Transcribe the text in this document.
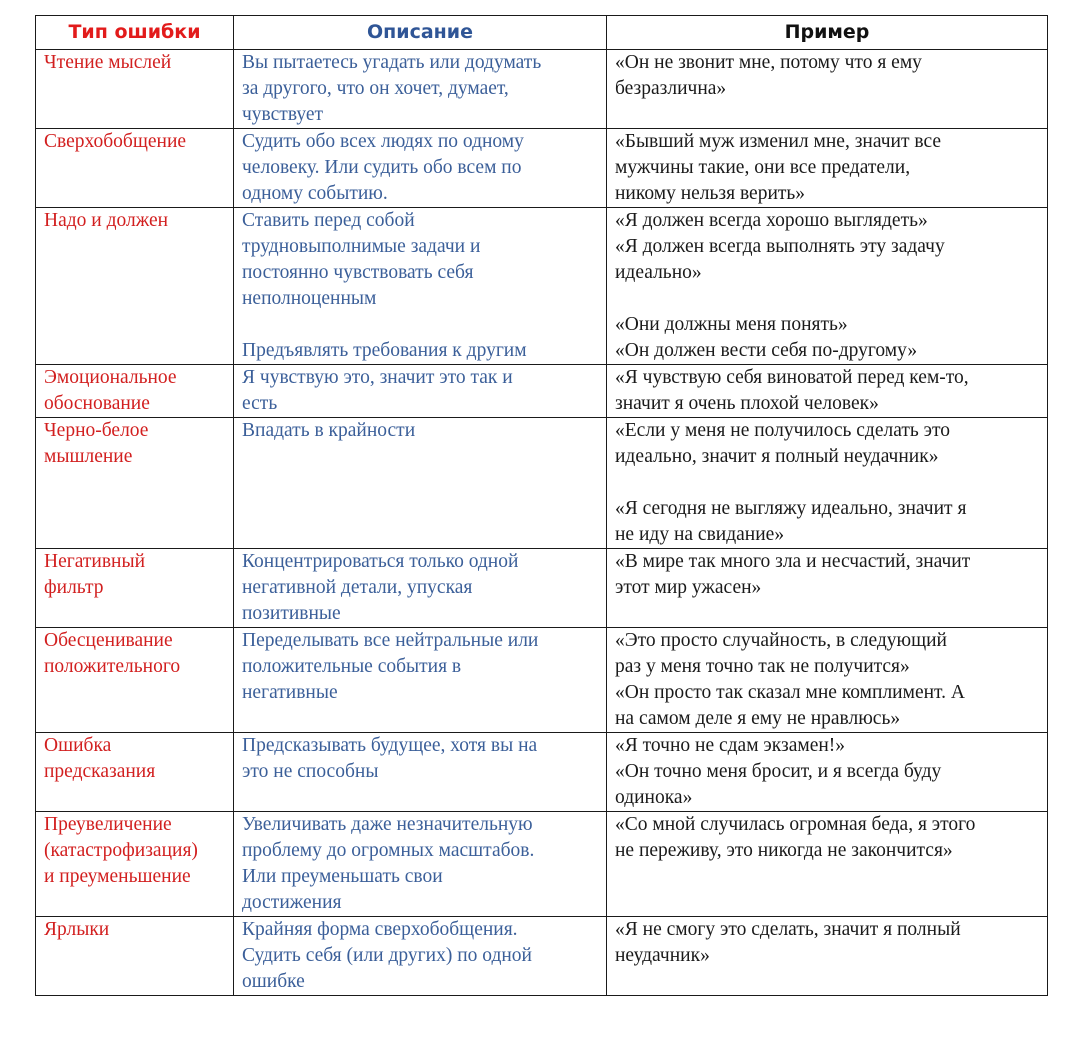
Тип ошибки	Описание	Пример

Чтение мыслей	Вы пытаетесь угадать или додумать
за другого, что он хочет, думает,
чувствует	«Он не звонит мне, потому что я ему
безразлична»

Сверхобобщение	Судить обо всех людях по одному
человеку. Или судить обо всем по
одному событию.	«Бывший муж изменил мне, значит все
мужчины такие, они все предатели,
никому нельзя верить»

Надо и должен	Ставить перед собой
трудновыполнимые задачи и
постоянно чувствовать себя
неполноценным
Предъявлять требования к другим	«Я должен всегда хорошо выглядеть»
«Я должен всегда выполнять эту задачу
идеально»
«Они должны меня понять»
«Он должен вести себя по-другому»

Эмоциональное
обоснование	Я чувствую это, значит это так и
есть	«Я чувствую себя виноватой перед кем-то,
значит я очень плохой человек»

Черно-белое
мышление	Впадать в крайности	«Если у меня не получилось сделать это
идеально, значит я полный неудачник»
«Я сегодня не выгляжу идеально, значит я
не иду на свидание»

Негативный
фильтр	Концентрироваться только одной
негативной детали, упуская
позитивные	«В мире так много зла и несчастий, значит
этот мир ужасен»

Обесценивание
положительного	Переделывать все нейтральные или
положительные события в
негативные	«Это просто случайность, в следующий
раз у меня точно так не получится»
«Он просто так сказал мне комплимент. А
на самом деле я ему не нравлюсь»

Ошибка
предсказания	Предсказывать будущее, хотя вы на
это не способны	«Я точно не сдам экзамен!»
«Он точно меня бросит, и я всегда буду
одинока»

Преувеличение
(катастрофизация)
и преуменьшение	Увеличивать даже незначительную
проблему до огромных масштабов.
Или преуменьшать свои
достижения	«Со мной случилась огромная беда, я этого
не переживу, это никогда не закончится»

Ярлыки	Крайняя форма сверхобобщения.
Судить себя (или других) по одной
ошибке	«Я не смогу это сделать, значит я полный
неудачник»
